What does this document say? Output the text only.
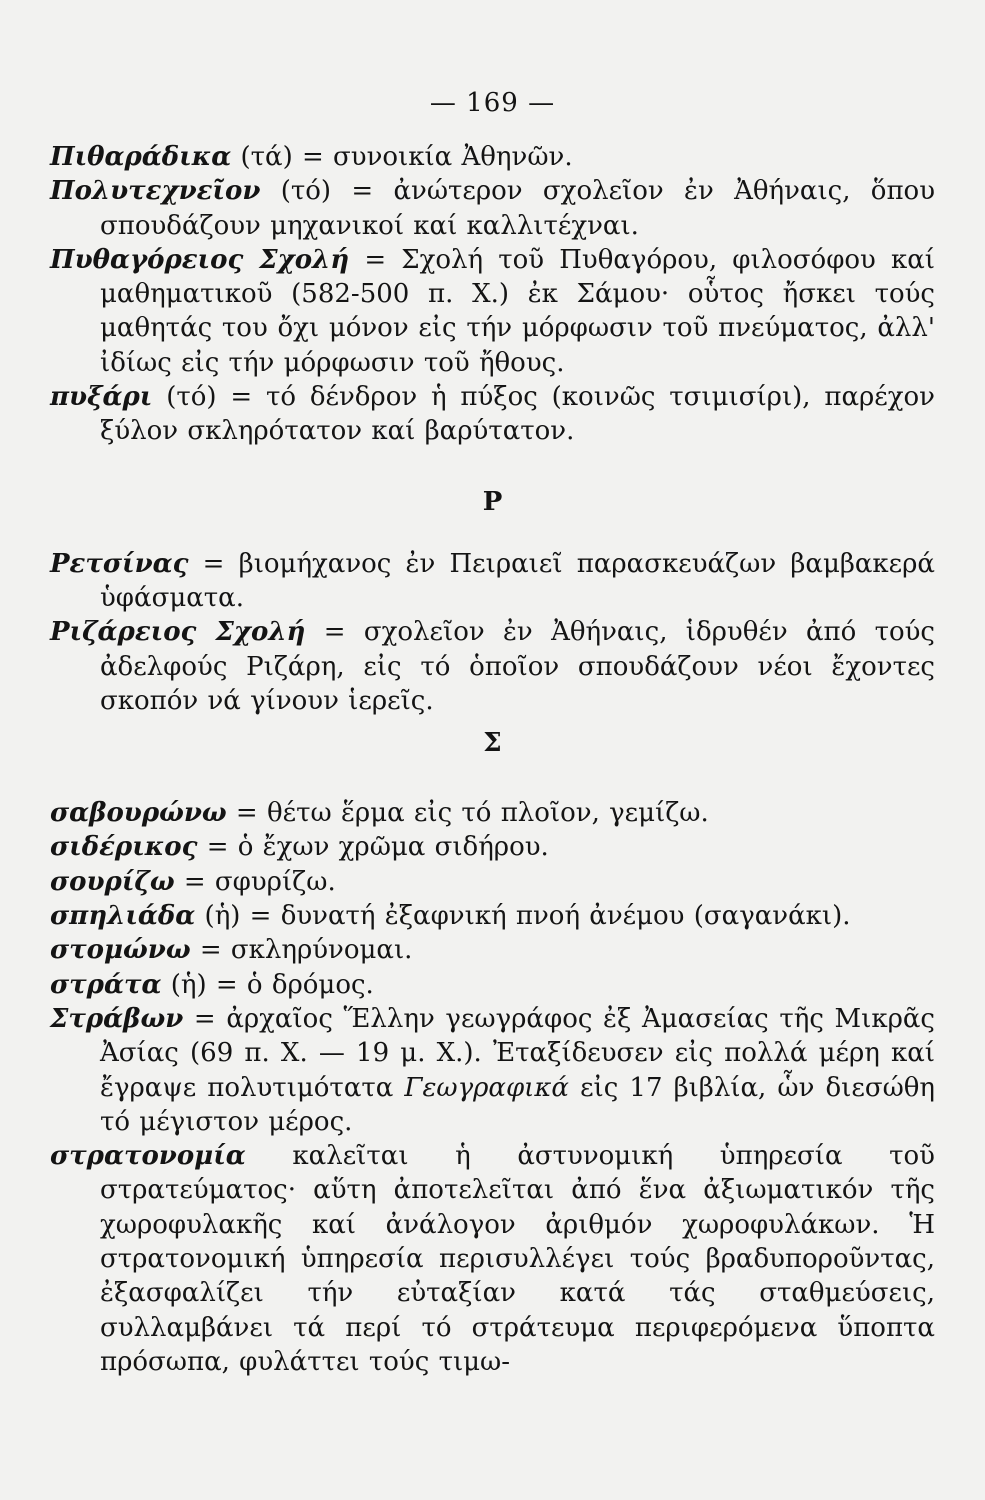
— 169 —

Πιθαράδικα (τά) = συνοικία Ἀθηνῶν.

Πολυτεχνεῖον (τό) = ἀνώτερον σχολεῖον ἐν Ἀθήναις, ὅπου σπουδάζουν μηχανικοί καί καλλιτέχναι.

Πυθαγόρειος Σχολή = Σχολή τοῦ Πυθαγόρου, φιλοσόφου καί μαθηματικοῦ (582-500 π. Χ.) ἐκ Σάμου· οὗτος ἤσκει τούς μαθητάς του ὄχι μόνον εἰς τήν μόρφωσιν τοῦ πνεύματος, ἀλλ' ἰδίως εἰς τήν μόρφωσιν τοῦ ἤθους.

πυξάρι (τό) = τό δένδρον ἡ πύξος (κοινῶς τσιμισίρι), παρέχον ξύλον σκληρότατον καί βαρύτατον.

Ρ

Ρετσίνας = βιομήχανος ἐν Πειραιεῖ παρασκευάζων βαμβακερά ὑφάσματα.

Ριζάρειος Σχολή = σχολεῖον ἐν Ἀθήναις, ἱδρυθέν ἀπό τούς ἀδελφούς Ριζάρη, εἰς τό ὁποῖον σπουδάζουν νέοι ἔχοντες σκοπόν νά γίνουν ἱερεῖς.

Σ

σαβουρώνω = θέτω ἕρμα εἰς τό πλοῖον, γεμίζω.

σιδέρικος = ὁ ἔχων χρῶμα σιδήρου.

σουρίζω = σφυρίζω.

σπηλιάδα (ἡ) = δυνατή ἐξαφνική πνοή ἀνέμου (σαγανάκι).

στομώνω = σκληρύνομαι.

στράτα (ἡ) = ὁ δρόμος.

Στράβων = ἀρχαῖος Ἕλλην γεωγράφος ἐξ Ἀμασείας τῆς Μικρᾶς Ἀσίας (69 π. Χ. — 19 μ. Χ.). Ἐταξίδευσεν εἰς πολλά μέρη καί ἔγραψε πολυτιμότατα Γεωγραφικά εἰς 17 βιβλία, ὧν διεσώθη τό μέγιστον μέρος.

στρατονομία καλεῖται ἡ ἀστυνομική ὑπηρεσία τοῦ στρατεύματος· αὕτη ἀποτελεῖται ἀπό ἕνα ἀξιωματικόν τῆς χωροφυλακῆς καί ἀνάλογον ἀριθμόν χωροφυλάκων. Ἡ στρατονομική ὑπηρεσία περισυλλέγει τούς βραδυποροῦντας, ἐξασφαλίζει τήν εὐταξίαν κατά τάς σταθμεύσεις, συλλαμβάνει τά περί τό στράτευμα περιφερόμενα ὕποπτα πρόσωπα, φυλάττει τούς τιμω-
